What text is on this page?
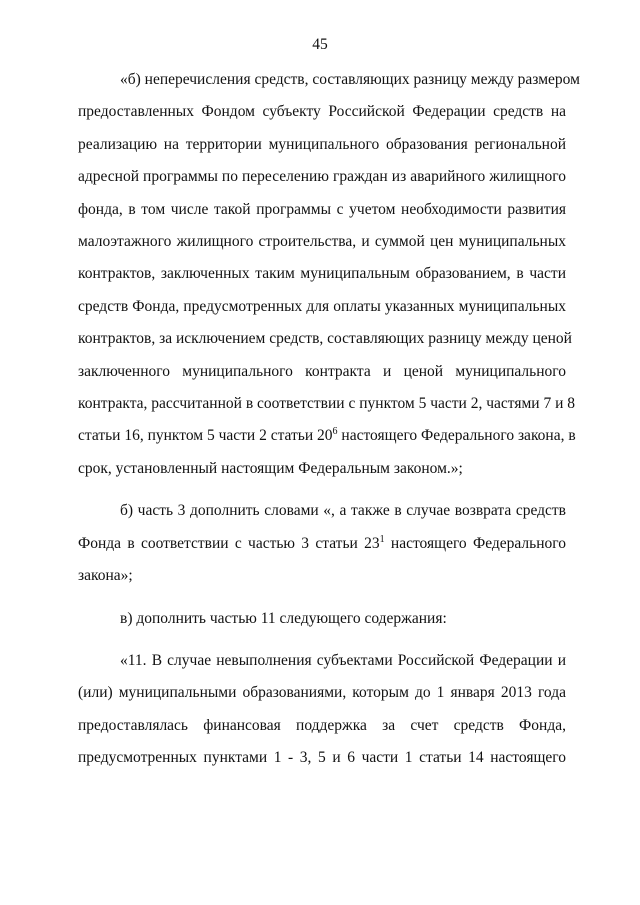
45
«б) неперечисления средств, составляющих разницу между размером
предоставленных Фондом субъекту Российской Федерации средств на
реализацию на территории муниципального образования региональной
адресной программы по переселению граждан из аварийного жилищного
фонда, в том числе такой программы с учетом необходимости развития
малоэтажного жилищного строительства, и суммой цен муниципальных
контрактов, заключенных таким муниципальным образованием, в части
средств Фонда, предусмотренных для оплаты указанных муниципальных
контрактов, за исключением средств, составляющих разницу между ценой
заключенного муниципального контракта и ценой муниципального
контракта, рассчитанной в соответствии с пунктом 5 части 2, частями 7 и 8
статьи 16, пунктом 5 части 2 статьи $20^6$ настоящего Федерального закона, в
срок, установленный настоящим Федеральным законом.»;
б) часть 3 дополнить словами «, а также в случае возврата средств
Фонда в соответствии с частью 3 статьи $23^1$ настоящего Федерального
закона»;
в) дополнить частью 11 следующего содержания:
«11. В случае невыполнения субъектами Российской Федерации и
(или) муниципальными образованиями, которым до 1 января 2013 года
предоставлялась финансовая поддержка за счет средств Фонда,
предусмотренных пунктами 1 - 3, 5 и 6 части 1 статьи 14 настоящего
